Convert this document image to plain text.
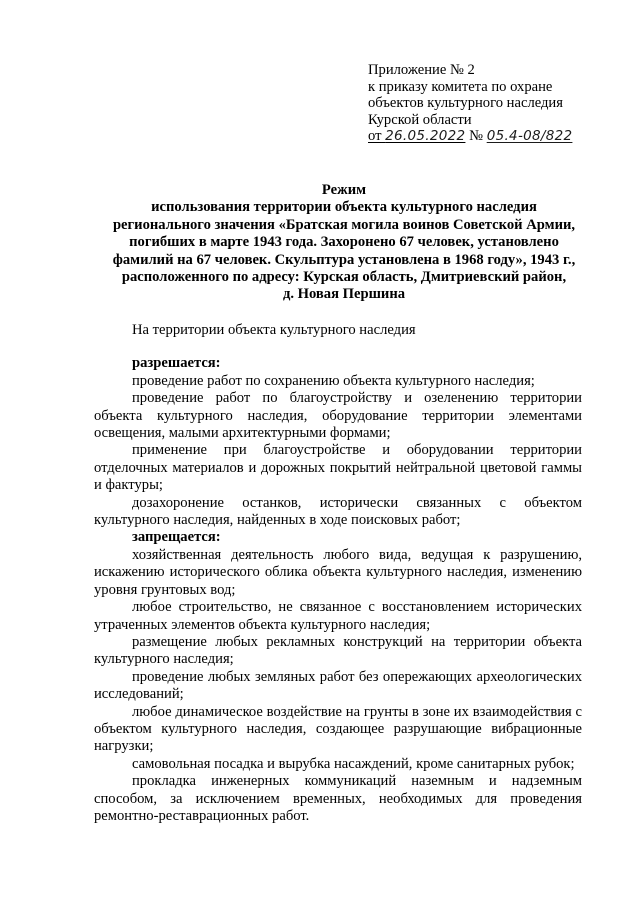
Приложение № 2
к приказу комитета по охране
объектов культурного наследия
Курской области
от 26.05.2022 № 05.4-08/822
Режим
использования территории объекта культурного наследия
регионального значения «Братская могила воинов Советской Армии,
погибших в марте 1943 года. Захоронено 67 человек, установлено
фамилий на 67 человек. Скульптура установлена в 1968 году», 1943 г.,
расположенного по адресу: Курская область, Дмитриевский район,
д. Новая Першина
На территории объекта культурного наследия
разрешается:

проведение работ по сохранению объекта культурного наследия;

проведение работ по благоустройству и озеленению территории объекта культурного наследия, оборудование территории элементами освещения, малыми архитектурными формами;

применение при благоустройстве и оборудовании территории отделочных материалов и дорожных покрытий нейтральной цветовой гаммы и фактуры;

дозахоронение останков, исторически связанных с объектом культурного наследия, найденных в ходе поисковых работ;

запрещается:

хозяйственная деятельность любого вида, ведущая к разрушению, искажению исторического облика объекта культурного наследия, изменению уровня грунтовых вод;

любое строительство, не связанное с восстановлением исторических утраченных элементов объекта культурного наследия;

размещение любых рекламных конструкций на территории объекта культурного наследия;

проведение любых земляных работ без опережающих археологических исследований;

любое динамическое воздействие на грунты в зоне их взаимодействия с объектом культурного наследия, создающее разрушающие вибрационные нагрузки;

самовольная посадка и вырубка насаждений, кроме санитарных рубок;

прокладка инженерных коммуникаций наземным и надземным способом, за исключением временных, необходимых для проведения ремонтно-реставрационных работ.
